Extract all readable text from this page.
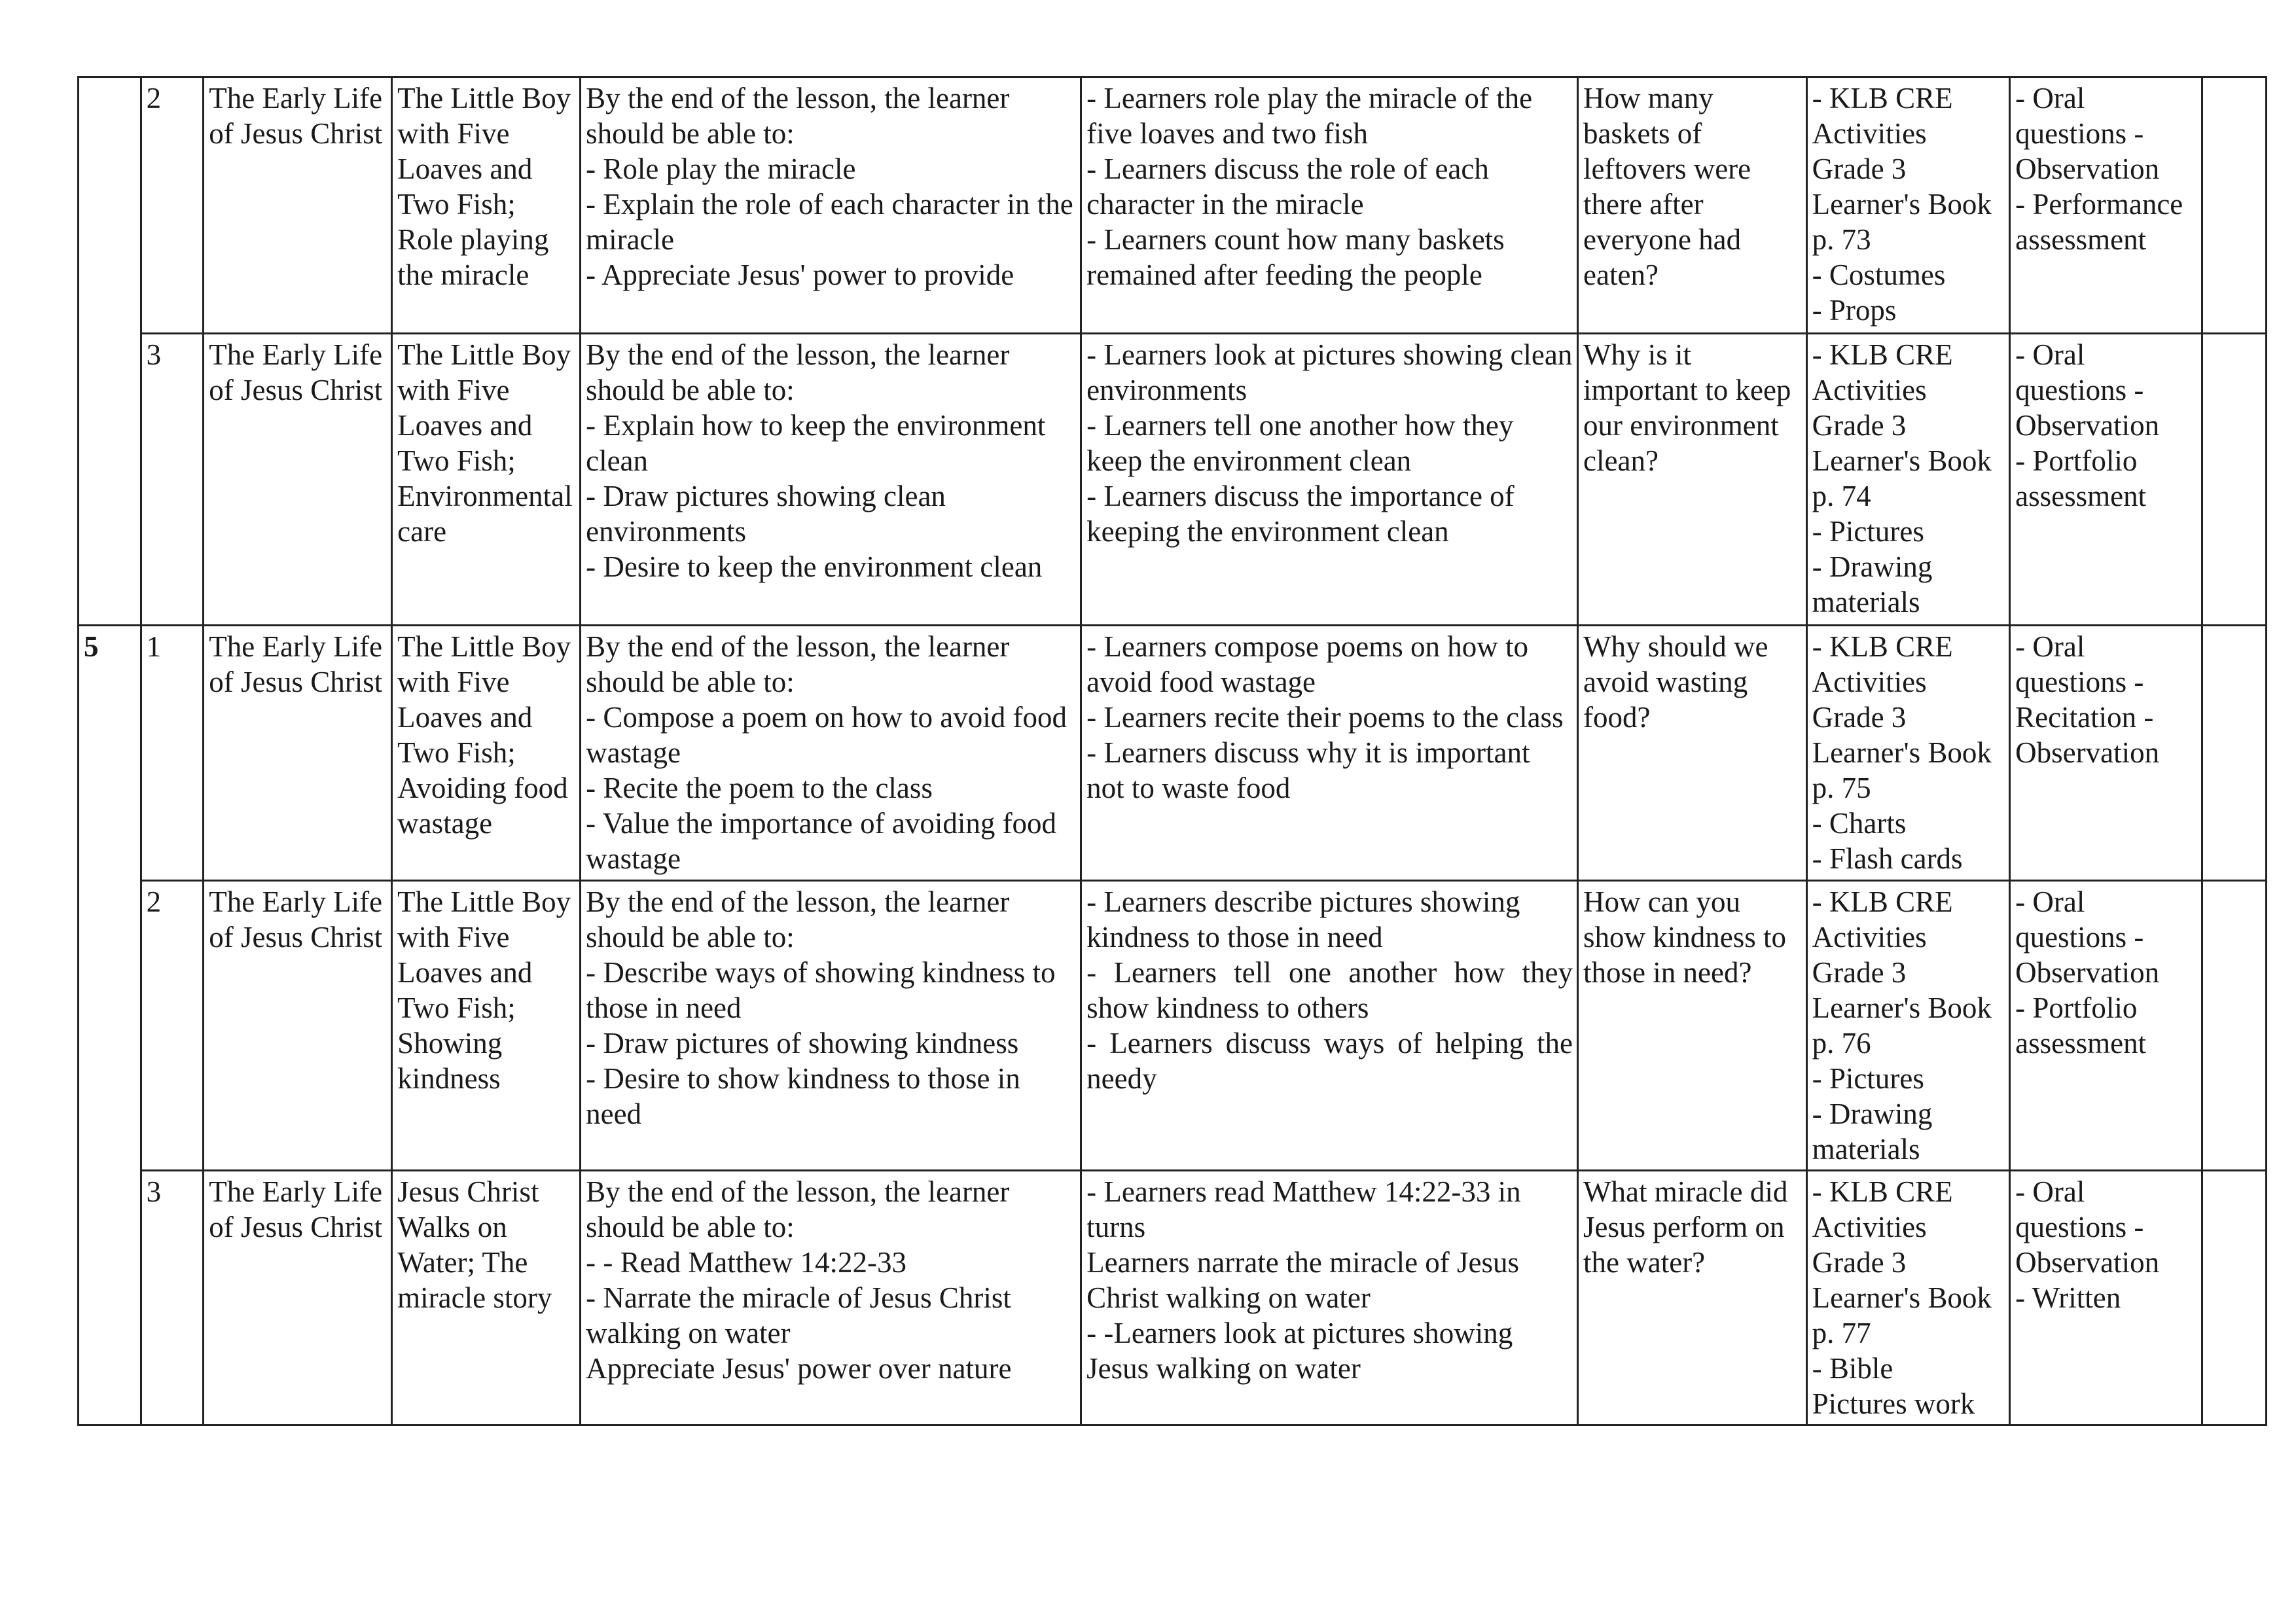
	2	The Early Life of Jesus Christ	The Little Boy with Five Loaves and Two Fish; Role playing the miracle	By the end of the lesson, the learner should be able to:
- Role play the miracle
- Explain the role of each character in the miracle
- Appreciate Jesus' power to provide	- Learners role play the miracle of the five loaves and two fish
- Learners discuss the role of each character in the miracle
- Learners count how many baskets remained after feeding the people	How many baskets of leftovers were there after everyone had eaten?	- KLB CRE Activities Grade 3 Learner's Book p. 73
- Costumes
- Props	- Oral questions - Observation
- Performance assessment	

	3	The Early Life of Jesus Christ	The Little Boy with Five Loaves and Two Fish; Environmental care	By the end of the lesson, the learner should be able to:
- Explain how to keep the environment clean
- Draw pictures showing clean environments
- Desire to keep the environment clean	- Learners look at pictures showing clean environments
- Learners tell one another how they keep the environment clean
- Learners discuss the importance of keeping the environment clean	Why is it important to keep our environment clean?	- KLB CRE Activities Grade 3 Learner's Book p. 74
- Pictures
- Drawing materials	- Oral questions - Observation
- Portfolio assessment	

5	1	The Early Life of Jesus Christ	The Little Boy with Five Loaves and Two Fish; Avoiding food wastage	By the end of the lesson, the learner should be able to:
- Compose a poem on how to avoid food wastage
- Recite the poem to the class
- Value the importance of avoiding food wastage	- Learners compose poems on how to avoid food wastage
- Learners recite their poems to the class
- Learners discuss why it is important not to waste food	Why should we avoid wasting food?	- KLB CRE Activities Grade 3 Learner's Book p. 75
- Charts
- Flash cards	- Oral questions - Recitation - Observation	

	2	The Early Life of Jesus Christ	The Little Boy with Five Loaves and Two Fish; Showing kindness	By the end of the lesson, the learner should be able to:
- Describe ways of showing kindness to those in need
- Draw pictures of showing kindness
- Desire to show kindness to those in need	- Learners describe pictures showing kindness to those in need
- Learners tell one another how they show kindness to others
- Learners discuss ways of helping the needy	How can you show kindness to those in need?	- KLB CRE Activities Grade 3 Learner's Book p. 76
- Pictures
- Drawing materials	- Oral questions - Observation
- Portfolio assessment	

	3	The Early Life of Jesus Christ	Jesus Christ Walks on Water; The miracle story	By the end of the lesson, the learner should be able to:
- - Read Matthew 14:22-33
- Narrate the miracle of Jesus Christ walking on water
Appreciate Jesus' power over nature	- Learners read Matthew 14:22-33 in turns
Learners narrate the miracle of Jesus Christ walking on water
- -Learners look at pictures showing Jesus walking on water	What miracle did Jesus perform on the water?	- KLB CRE Activities Grade 3 Learner's Book p. 77
- Bible
Pictures work	- Oral questions - Observation
- Written	
